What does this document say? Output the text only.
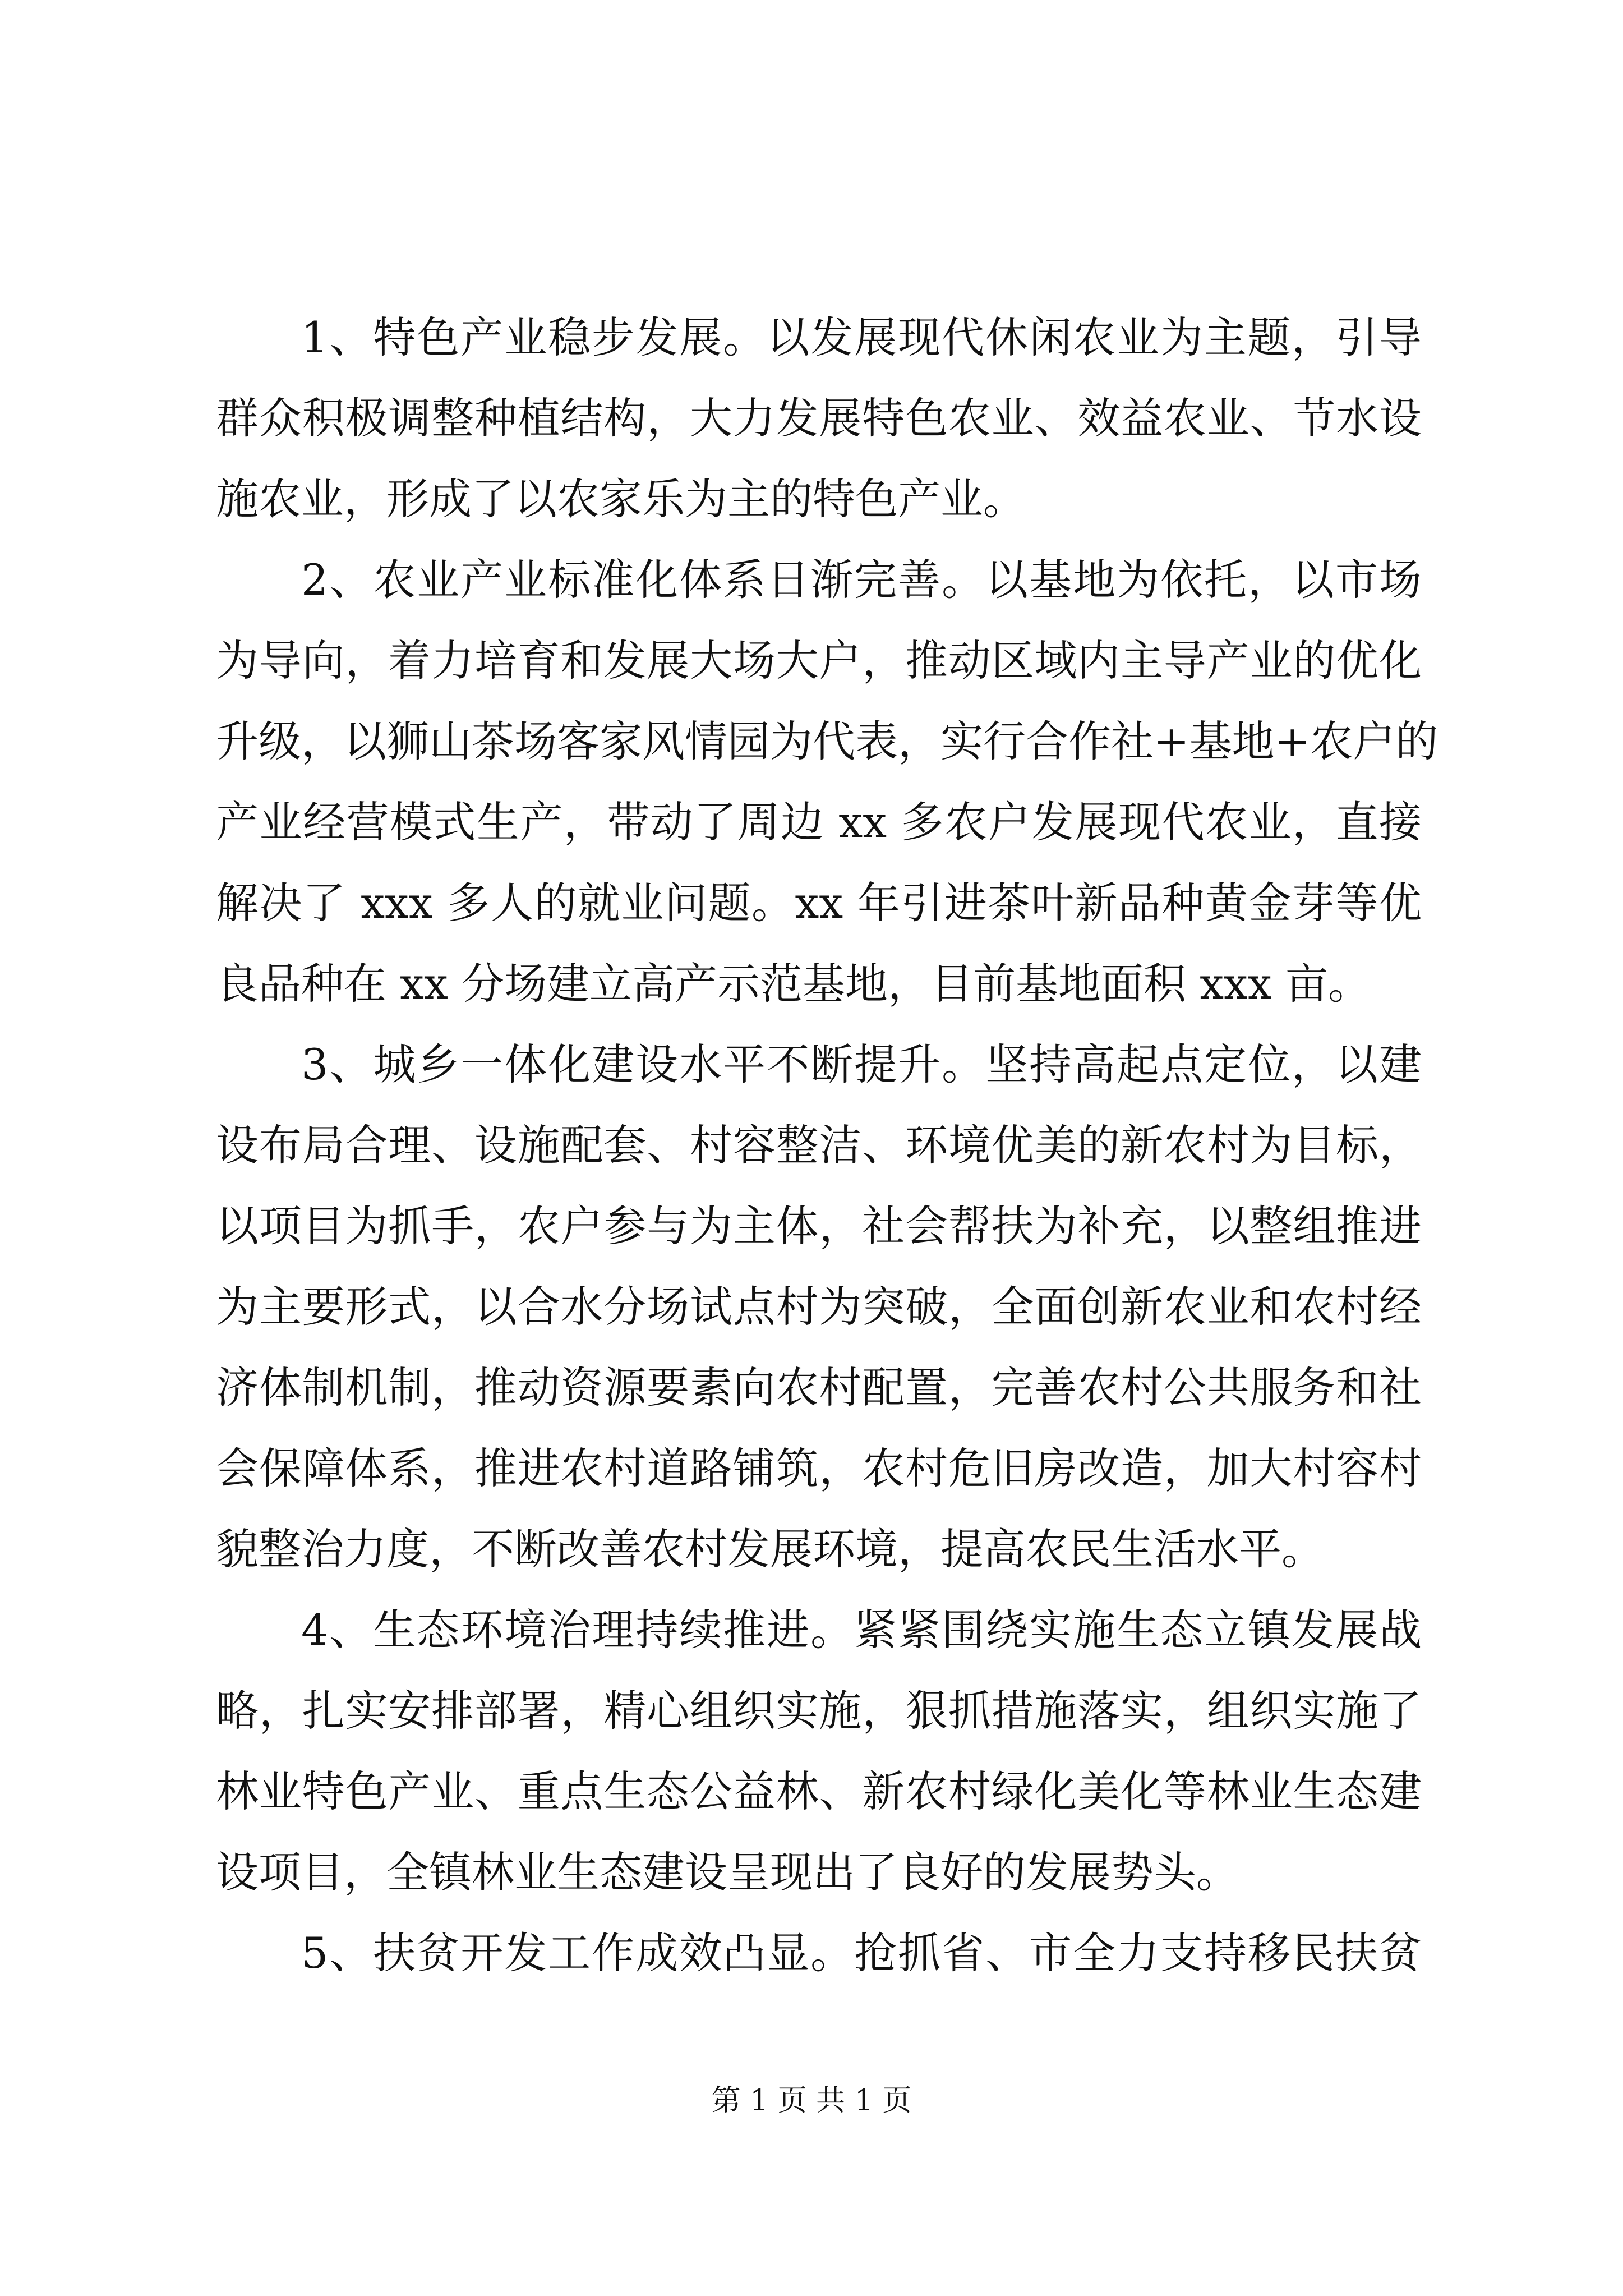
1、特色产业稳步发展。以发展现代休闲农业为主题，引导
群众积极调整种植结构，大力发展特色农业、效益农业、节水设
施农业，形成了以农家乐为主的特色产业。
2、农业产业标准化体系日渐完善。以基地为依托，以市场
为导向，着力培育和发展大场大户，推动区域内主导产业的优化
升级，以狮山茶场客家风情园为代表，实行合作社+基地+农户的
产业经营模式生产，带动了周边 xx 多农户发展现代农业，直接
解决了 xxx 多人的就业问题。xx 年引进茶叶新品种黄金芽等优
良品种在 xx 分场建立高产示范基地，目前基地面积 xxx 亩。
3、城乡一体化建设水平不断提升。坚持高起点定位，以建
设布局合理、设施配套、村容整洁、环境优美的新农村为目标，
以项目为抓手，农户参与为主体，社会帮扶为补充，以整组推进
为主要形式，以合水分场试点村为突破，全面创新农业和农村经
济体制机制，推动资源要素向农村配置，完善农村公共服务和社
会保障体系，推进农村道路铺筑，农村危旧房改造，加大村容村
貌整治力度，不断改善农村发展环境，提高农民生活水平。
4、生态环境治理持续推进。紧紧围绕实施生态立镇发展战
略，扎实安排部署，精心组织实施，狠抓措施落实，组织实施了
林业特色产业、重点生态公益林、新农村绿化美化等林业生态建
设项目，全镇林业生态建设呈现出了良好的发展势头。
5、扶贫开发工作成效凸显。抢抓省、市全力支持移民扶贫
第 1 页 共 1 页
